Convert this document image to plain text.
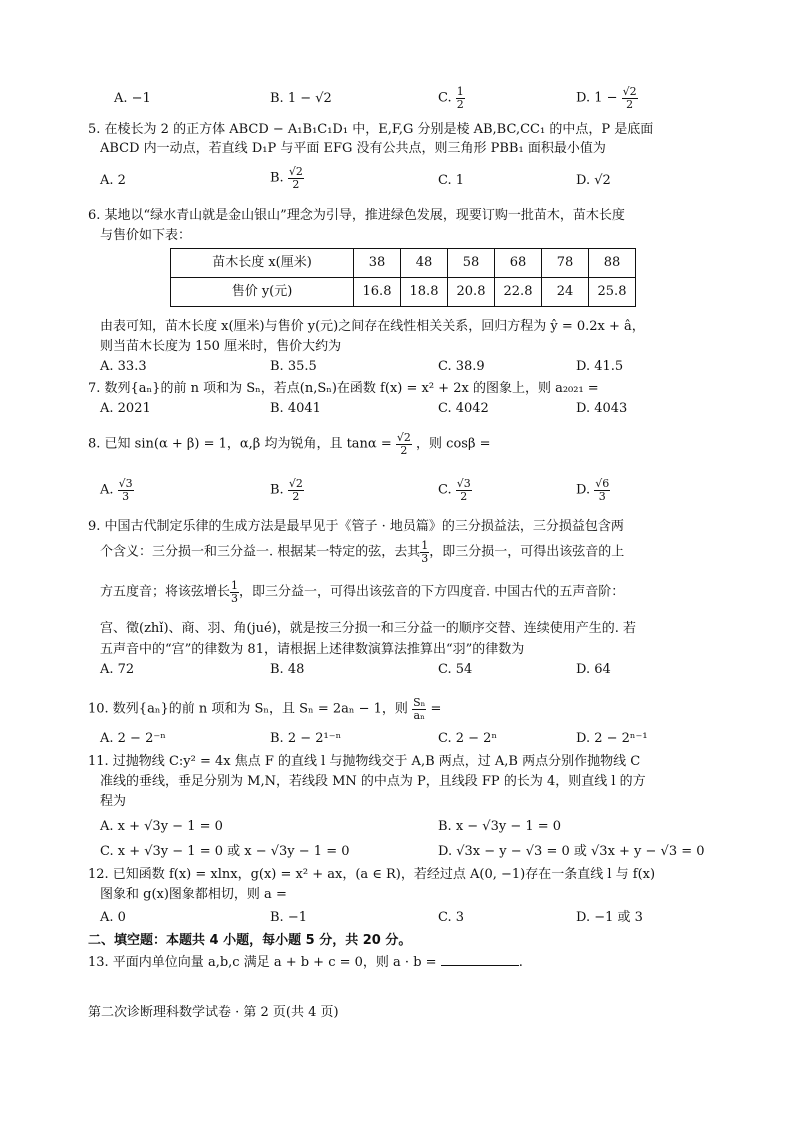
A. −1	B. 1 − √2	C. $\frac{1}{2}$	D. $1 - \frac{√2}{2}$
5. 在棱长为 2 的正方体 ABCD − A₁B₁C₁D₁ 中，E,F,G 分别是棱 AB,BC,CC₁ 的中点，P 是底面
ABCD 内一动点，若直线 D₁P 与平面 EFG 没有公共点，则三角形 PBB₁ 面积最小值为
A. 2	B. $\frac{√2}{2}$	C. 1	D. √2
6. 某地以“绿水青山就是金山银山”理念为引导，推进绿色发展，现要订购一批苗木，苗木长度
与售价如下表：
苗木长度 x(厘米)	38	48	58	68	78	88
售价 y(元)	16.8	18.8	20.8	22.8	24	25.8
由表可知，苗木长度 x(厘米)与售价 y(元)之间存在线性相关关系，回归方程为 ŷ = 0.2x + â，
则当苗木长度为 150 厘米时，售价大约为
A. 33.3	B. 35.5	C. 38.9	D. 41.5
7. 数列{aₙ}的前 n 项和为 Sₙ，若点(n,Sₙ)在函数 f(x) = x² + 2x 的图象上，则 a₂₀₂₁ =
A. 2021	B. 4041	C. 4042	D. 4043
8. 已知 sin(α + β) = 1，α,β 均为锐角，且 $\tan\alpha = \frac{√2}{2}$ ，则 cosβ =
A. $\frac{√3}{3}$	B. $\frac{√2}{2}$	C. $\frac{√3}{2}$	D. $\frac{√6}{3}$
9. 中国古代制定乐律的生成方法是最早见于《管子 · 地员篇》的三分损益法，三分损益包含两
个含义：三分损一和三分益一. 根据某一特定的弦，去其 $\frac{1}{3}$ ，即三分损一，可得出该弦音的上
方五度音；将该弦增长 $\frac{1}{3}$ ，即三分益一，可得出该弦音的下方四度音. 中国古代的五声音阶：
宫、徵(zhǐ)、商、羽、角(jué)，就是按三分损一和三分益一的顺序交替、连续使用产生的. 若
五声音中的“宫”的律数为 81，请根据上述律数演算法推算出“羽”的律数为
A. 72	B. 48	C. 54	D. 64
10. 数列{aₙ}的前 n 项和为 Sₙ，且 Sₙ = 2aₙ − 1，则 $\frac{\text{Sₙ}}{\text{aₙ}}$ =
A. 2 − 2⁻ⁿ	B. 2 − 2¹⁻ⁿ	C. 2 − 2ⁿ	D. 2 − 2ⁿ⁻¹
11. 过抛物线 C:y² = 4x 焦点 F 的直线 l 与抛物线交于 A,B 两点，过 A,B 两点分别作抛物线 C
准线的垂线，垂足分别为 M,N，若线段 MN 的中点为 P，且线段 FP 的长为 4，则直线 l 的方
程为
A. x + √3y − 1 = 0	B. x − √3y − 1 = 0
C. x + √3y − 1 = 0 或 x − √3y − 1 = 0	D. √3x − y − √3 = 0 或 √3x + y − √3 = 0
12. 已知函数 f(x) = xlnx，g(x) = x² + ax，(a ∈ R)，若经过点 A(0, −1)存在一条直线 l 与 f(x)
图象和 g(x)图象都相切，则 a =
A. 0	B. −1	C. 3	D. −1 或 3
二、填空题：本题共 4 小题，每小题 5 分，共 20 分。
13. 平面内单位向量 a,b,c 满足 a + b + c = 0，则 a · b =	.
第二次诊断理科数学试卷 · 第 2 页(共 4 页)
